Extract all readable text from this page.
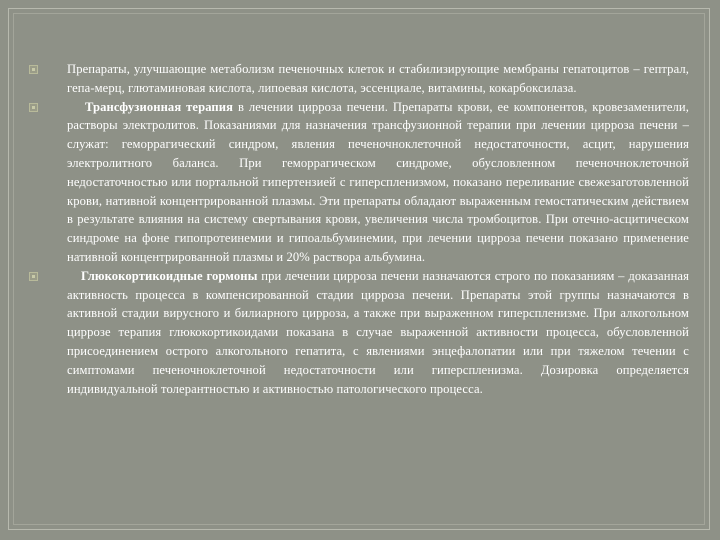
Препараты, улучшающие метаболизм печеночных клеток и стабилизирующие мембраны гепатоцитов – гептрал, гепа-мерц, глютаминовая кислота, липоевая кислота, эссенциале, витамины, кокарбоксилаза.

Трансфузионная терапия в лечении цирроза печени. Препараты крови, ее компонентов, кровезаменители, растворы электролитов. Показаниями для назначения трансфузионной терапии при лечении цирроза печени – служат: геморрагический синдром, явления печеночноклеточной недостаточности, асцит, нарушения электролитного баланса. При геморрагическом синдроме, обусловленном печеночноклеточной недостаточностью или портальной гипертензией с гиперспленизмом, показано переливание свежезаготовленной крови, нативной концентрированной плазмы. Эти препараты обладают выраженным гемостатическим действием в результате влияния на систему свертывания крови, увеличения числа тромбоцитов. При отечно-асцитическом синдроме на фоне гипопротеинемии и гипоальбуминемии, при лечении цирроза печени показано применение нативной концентрированной плазмы и 20% раствора альбумина.

Глюкокортикоидные гормоны при лечении цирроза печени назначаются строго по показаниям – доказанная активность процесса в компенсированной стадии цирроза печени. Препараты этой группы назначаются в активной стадии вирусного и билиарного цирроза, а также при выраженном гиперспленизме. При алкогольном циррозе терапия глюкокортикоидами показана в случае выраженной активности процесса, обусловленной присоединением острого алкогольного гепатита, с явлениями энцефалопатии или при тяжелом течении с симптомами печеночноклеточной недостаточности или гиперспленизма. Дозировка определяется индивидуальной толерантностью и активностью патологического процесса.
